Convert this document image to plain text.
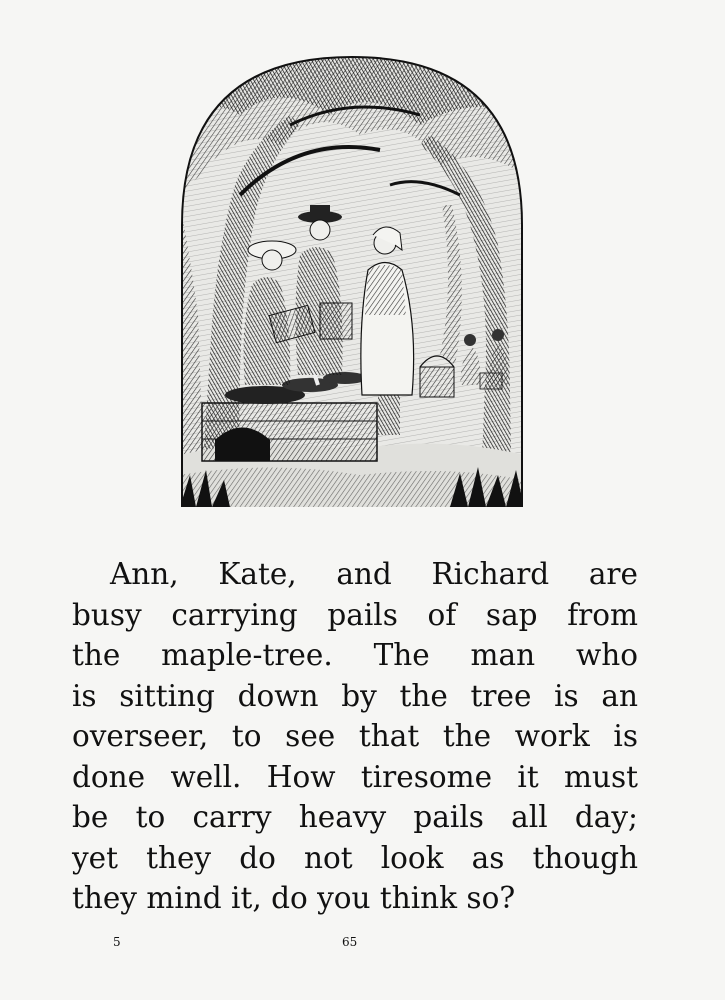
Ann, Kate, and Richard are
busy carrying pails of sap from
the maple-tree. The man who
is sitting down by the tree is an
overseer, to see that the work is
done well. How tiresome it must
be to carry heavy pails all day;
yet they do not look as though
they mind it, do you think so?
5	65
